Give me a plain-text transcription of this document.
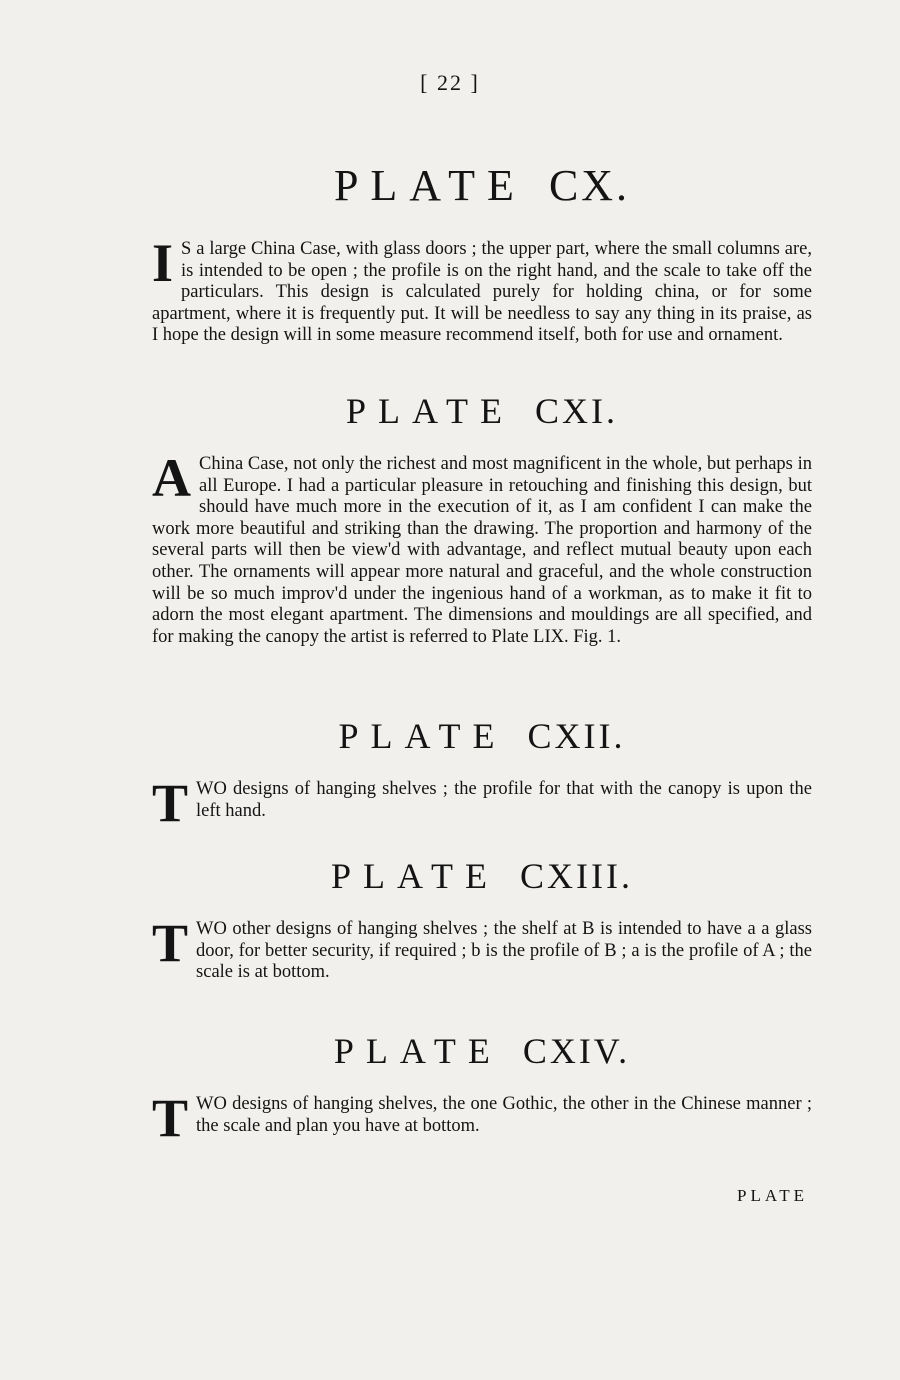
[ 22 ]
PLATE CX.

I S a large China Case, with glass doors ; the upper part, where the small columns are, is intended to be open ; the profile is on the right hand, and the scale to take off the particulars. This design is calculated purely for holding china, or for some apartment, where it is frequently put. It will be needless to say any thing in its praise, as I hope the design will in some measure recommend itself, both for use and ornament.

PLATE CXI.

A China Case, not only the richest and most magnificent in the whole, but perhaps in all Europe. I had a particular pleasure in retouching and finishing this design, but should have much more in the execution of it, as I am confident I can make the work more beautiful and striking than the drawing. The proportion and harmony of the several parts will then be view'd with advantage, and reflect mutual beauty upon each other. The ornaments will appear more natural and graceful, and the whole construction will be so much improv'd under the ingenious hand of a workman, as to make it fit to adorn the most elegant apartment. The dimensions and mouldings are all specified, and for making the canopy the artist is referred to Plate LIX. Fig. 1.

PLATE CXII.

TWO designs of hanging shelves ; the profile for that with the canopy is upon the left hand.

PLATE CXIII.

TWO other designs of hanging shelves ; the shelf at B is intended to have a a glass door, for better security, if required ; b is the profile of B ; a is the profile of A ; the scale is at bottom.

PLATE CXIV.

TWO designs of hanging shelves, the one Gothic, the other in the Chinese manner ; the scale and plan you have at bottom.

PLATE
